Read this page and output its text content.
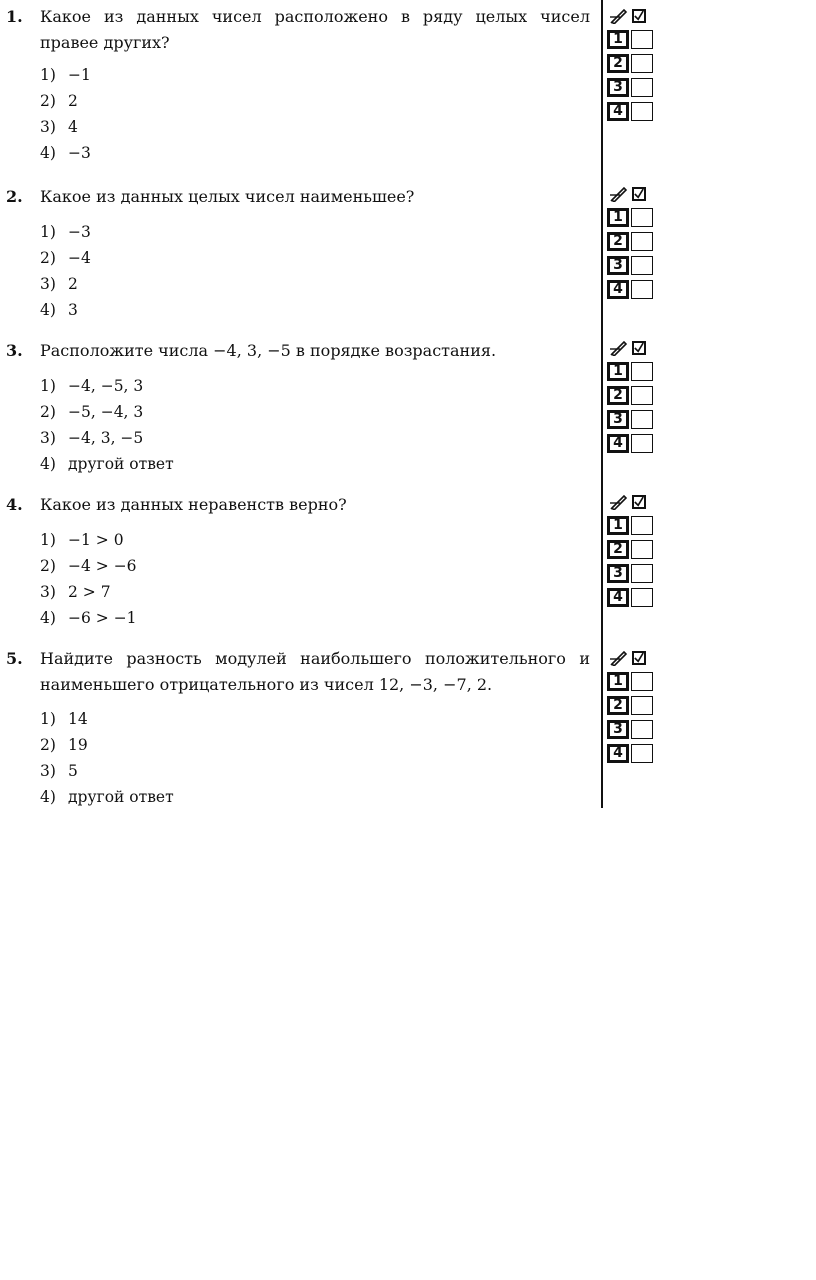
1. Какое из данных чисел расположено в ряду целых чисел правее других?

1) −1
2) 2
3) 4
4) −3
2. Какое из данных целых чисел наименьшее?

1) −3
2) −4
3) 2
4) 3
3. Расположите числа −4, 3, −5 в порядке возрастания.

1) −4, −5, 3
2) −5, −4, 3
3) −4, 3, −5
4) другой ответ
4. Какое из данных неравенств верно?

1) −1 > 0
2) −4 > −6
3) 2 > 7
4) −6 > −1
5. Найдите разность модулей наибольшего положительного и наименьшего отрицательного из чисел 12, −3, −7, 2.

1) 14
2) 19
3) 5
4) другой ответ
1
2
3
4
1
2
3
4
1
2
3
4
1
2
3
4
1
2
3
4
